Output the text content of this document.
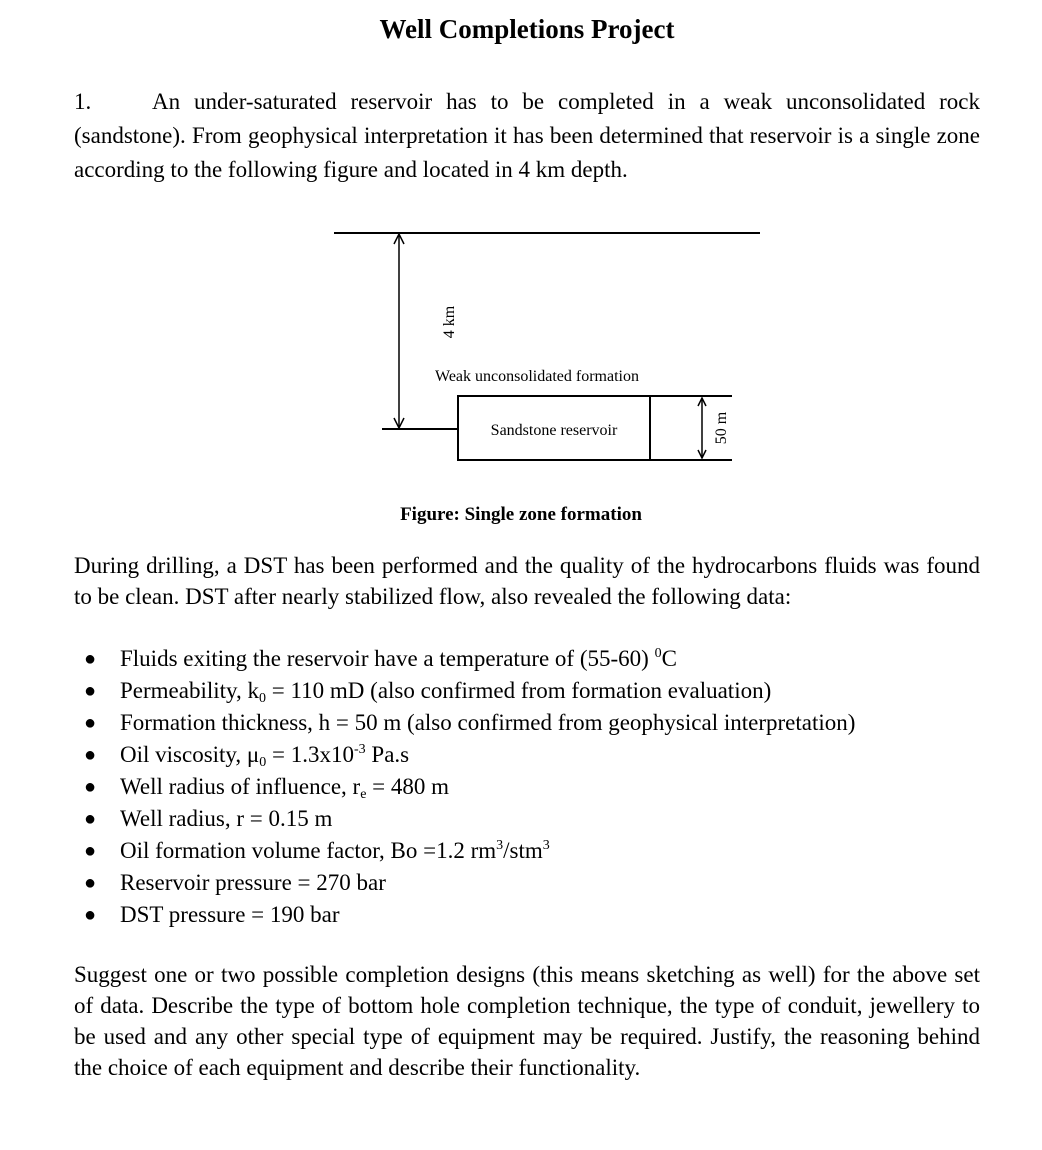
Well Completions Project

1.	An under-saturated reservoir has to be completed in a weak unconsolidated rock (sandstone). From geophysical interpretation it has been determined that reservoir is a single zone according to the following figure and located in 4 km depth.

4 km
Weak unconsolidated formation
Sandstone reservoir	50 m
Figure: Single zone formation

During drilling, a DST has been performed and the quality of the hydrocarbons fluids was found to be clean. DST after nearly stabilized flow, also revealed the following data:

● Fluids exiting the reservoir have a temperature of (55-60) $^0$C
● Permeability, $k_0 = 110$ mD (also confirmed from formation evaluation)
● Formation thickness, h = 50 m (also confirmed from geophysical interpretation)
● Oil viscosity, $\mu_0 = 1.3x10^{-3}$ Pa.s
● Well radius of influence, $r_e = 480$ m
● Well radius, r = 0.15 m
● Oil formation volume factor, Bo =1.2 $rm^3/stm^3$
● Reservoir pressure = 270 bar
● DST pressure = 190 bar

Suggest one or two possible completion designs (this means sketching as well) for the above set of data. Describe the type of bottom hole completion technique, the type of conduit, jewellery to be used and any other special type of equipment may be required. Justify, the reasoning behind the choice of each equipment and describe their functionality.
